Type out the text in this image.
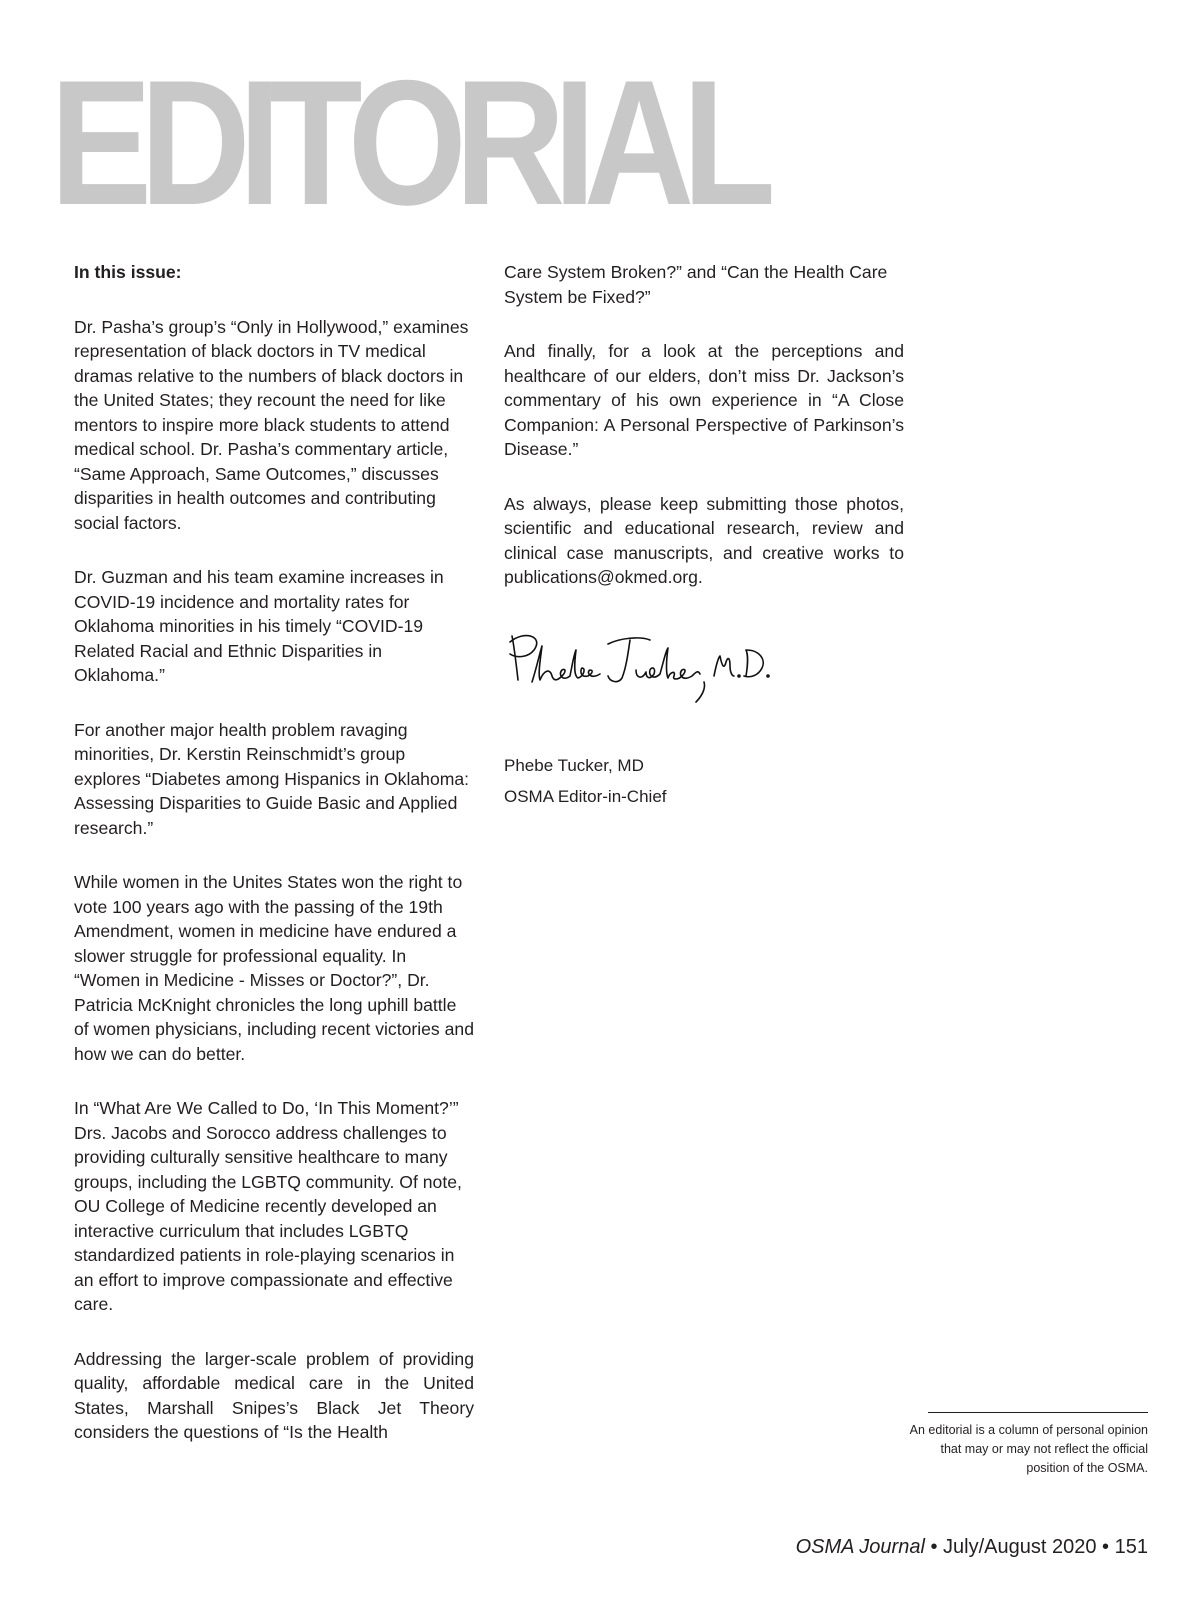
EDITORIAL

In this issue:

Dr. Pasha’s group’s “Only in Hollywood,” examines representation of black doctors in TV medical dramas relative to the numbers of black doctors in the United States; they recount the need for like mentors to inspire more black students to attend medical school. Dr. Pasha’s commentary article, “Same Approach, Same Outcomes,” discusses disparities in health outcomes and contributing social factors.

Dr. Guzman and his team examine increases in COVID-19 incidence and mortality rates for Oklahoma minorities in his timely “COVID-19 Related Racial and Ethnic Disparities in Oklahoma.”

For another major health problem ravaging minorities, Dr. Kerstin Reinschmidt’s group explores “Diabetes among Hispanics in Oklahoma: Assessing Disparities to Guide Basic and Applied research.”

While women in the Unites States won the right to vote 100 years ago with the passing of the 19th Amendment, women in medicine have endured a slower struggle for professional equality. In “Women in Medicine - Misses or Doctor?”, Dr. Patricia McKnight chronicles the long uphill battle of women physicians, including recent victories and how we can do better.

In “What Are We Called to Do, ‘In This Moment?’” Drs. Jacobs and Sorocco address challenges to providing culturally sensitive healthcare to many groups, including the LGBTQ community. Of note, OU College of Medicine recently developed an interactive curriculum that includes LGBTQ standardized patients in role-playing scenarios in an effort to improve compassionate and effective care.

Addressing the larger-scale problem of providing quality, affordable medical care in the United States, Marshall Snipes’s Black Jet Theory considers the questions of “Is the Health

Care System Broken?” and “Can the Health Care System be Fixed?”

And finally, for a look at the perceptions and healthcare of our elders, don’t miss Dr. Jackson’s commentary of his own experience in “A Close Companion: A Personal Perspective of Parkinson’s Disease.”

As always, please keep submitting those photos, scientific and educational research, review and clinical case manuscripts, and creative works to publications@okmed.org.

Phebe Tucker, MD
OSMA Editor-in-Chief
An editorial is a column of personal opinion that may or may not reflect the official position of the OSMA.
OSMA Journal • July/August 2020 • 151
